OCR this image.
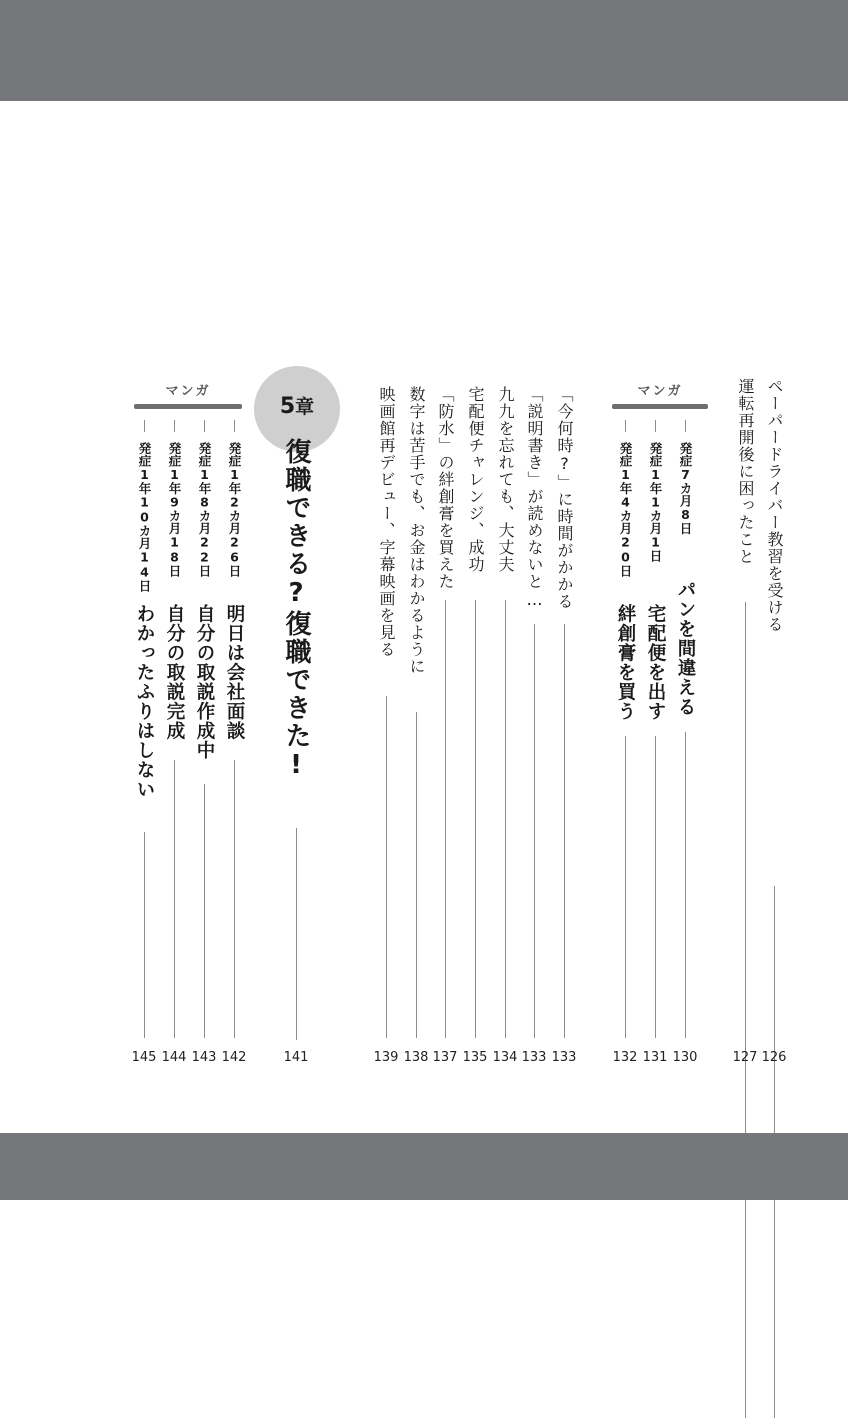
ペーパードライバー教習を受ける
126
運転再開後に困ったこと
127
マンガ
発症7カ月8日
パンを間違える
130
発症1年1カ月1日
宅配便を出す
131
発症1年4カ月20日
絆創膏を買う
132
「今何時?」に時間がかかる
133
「説明書き」が読めないと…
133
九九を忘れても、大丈夫
134
宅配便チャレンジ、成功
135
「防水」の絆創膏を買えた
137
数字は苦手でも、お金はわかるように
138
映画館再デビュー、字幕映画を見る
139
5章
復職できる?復職できた!
141
マンガ
発症1年2カ月26日
明日は会社面談
142
発症1年8カ月22日
自分の取説作成中
143
発症1年9カ月18日
自分の取説完成
144
発症1年10カ月14日
わかったふりはしない
145
